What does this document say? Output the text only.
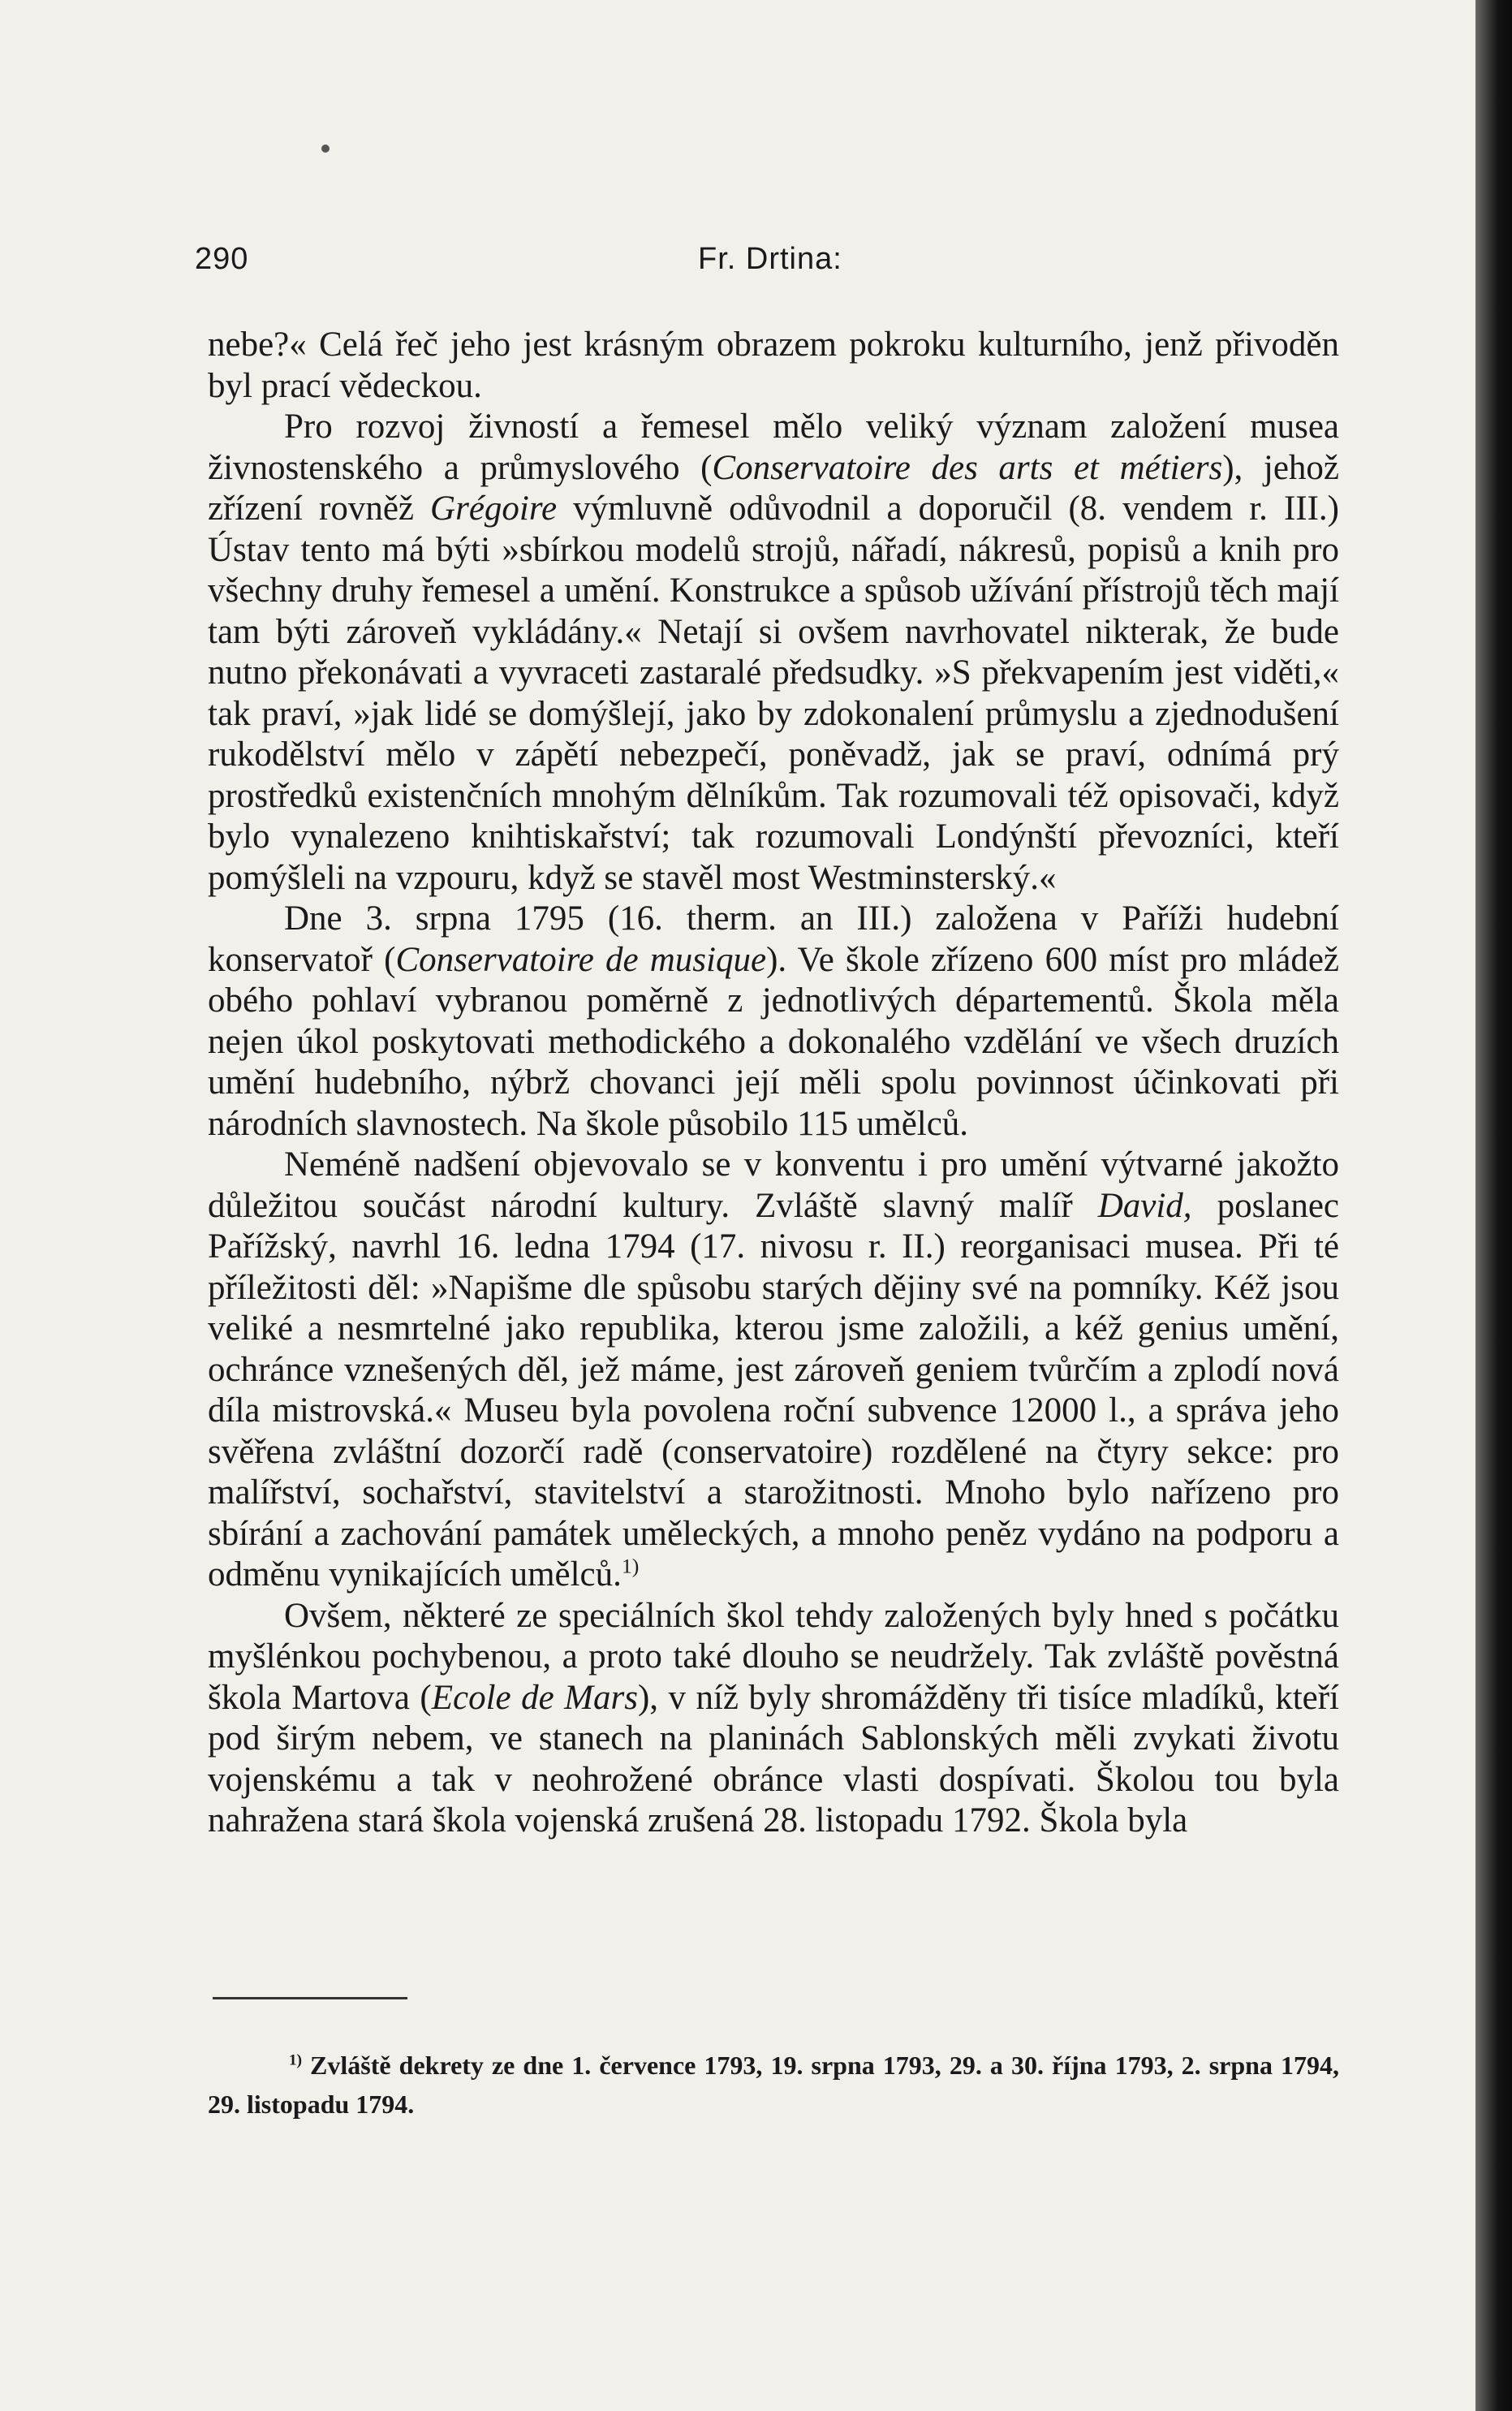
290	Fr. Drtina:

nebe?« Celá řeč jeho jest krásným obrazem pokroku kulturního, jenž přivoděn byl prací vědeckou.

Pro rozvoj živností a řemesel mělo veliký význam založení musea živnostenského a průmyslového (Conservatoire des arts et métiers), jehož zřízení rovněž Grégoire výmluvně odůvodnil a doporučil (8. vendem r. III.) Ústav tento má býti »sbírkou modelů strojů, nářadí, nákresů, popisů a knih pro všechny druhy řemesel a umění. Konstrukce a spůsob užívání přístrojů těch mají tam býti zároveň vykládány.« Netají si ovšem navrhovatel nikterak, že bude nutno překonávati a vyvraceti zastaralé předsudky. »S překvapením jest viděti,« tak praví, »jak lidé se domýšlejí, jako by zdokonalení průmyslu a zjednodušení rukodělství mělo v zápětí nebezpečí, poněvadž, jak se praví, odnímá prý prostředků existenčních mnohým dělníkům. Tak rozumovali též opisovači, když bylo vynalezeno knihtiskařství; tak rozumovali Londýnští převozníci, kteří pomýšleli na vzpouru, když se stavěl most Westminsterský.«

Dne 3. srpna 1795 (16. therm. an III.) založena v Paříži hudební konservatoř (Conservatoire de musique). Ve škole zřízeno 600 míst pro mládež obého pohlaví vybranou poměrně z jednotlivých départementů. Škola měla nejen úkol poskytovati methodického a dokonalého vzdělání ve všech druzích umění hudebního, nýbrž chovanci její měli spolu povinnost účinkovati při národních slavnostech. Na škole působilo 115 umělců.

Neméně nadšení objevovalo se v konventu i pro umění výtvarné jakožto důležitou součást národní kultury. Zvláště slavný malíř David, poslanec Pařížský, navrhl 16. ledna 1794 (17. nivosu r. II.) reorganisaci musea. Při té příležitosti děl: »Napišme dle spůsobu starých dějiny své na pomníky. Kéž jsou veliké a nesmrtelné jako republika, kterou jsme založili, a kéž genius umění, ochránce vznešených děl, jež máme, jest zároveň geniem tvůrčím a zplodí nová díla mistrovská.« Museu byla povolena roční subvence 12000 l., a správa jeho svěřena zvláštní dozorčí radě (conservatoire) rozdělené na čtyry sekce: pro malířství, sochařství, stavitelství a starožitnosti. Mnoho bylo nařízeno pro sbírání a zachování památek uměleckých, a mnoho peněz vydáno na podporu a odměnu vynikajících umělců.$^{1)}$

Ovšem, některé ze speciálních škol tehdy založených byly hned s počátku myšlénkou pochybenou, a proto také dlouho se neudržely. Tak zvláště pověstná škola Martova (Ecole de Mars), v níž byly shromážděny tři tisíce mladíků, kteří pod širým nebem, ve stanech na planinách Sablonských měli zvykati životu vojenskému a tak v neohrožené obránce vlasti dospívati. Školou tou byla nahražena stará škola vojenská zrušená 28. listopadu 1792. Škola byla

$^{1)}$ Zvláště dekrety ze dne 1. července 1793, 19. srpna 1793, 29. a 30. října 1793, 2. srpna 1794, 29. listopadu 1794.
